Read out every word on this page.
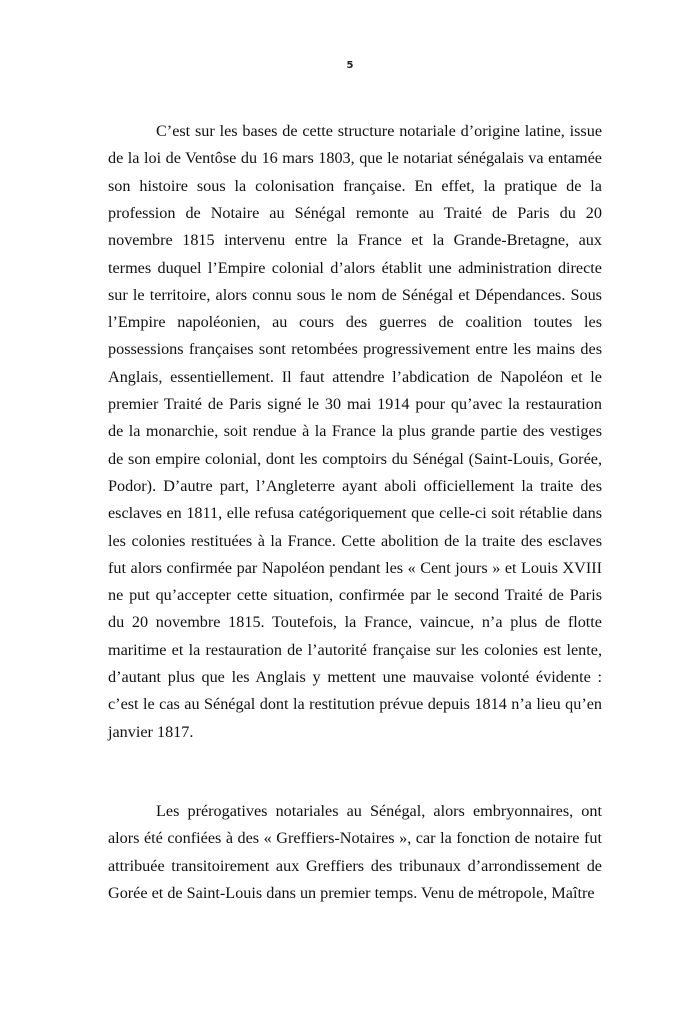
5
C’est sur les bases de cette structure notariale d’origine latine, issue
de la loi de Ventôse du 16 mars 1803, que le notariat sénégalais va entamée
son histoire sous la colonisation française. En effet, la pratique de la
profession de Notaire au Sénégal remonte au Traité de Paris du 20
novembre 1815 intervenu entre la France et la Grande-Bretagne, aux
termes duquel l’Empire colonial d’alors établit une administration directe
sur le territoire, alors connu sous le nom de Sénégal et Dépendances. Sous
l’Empire napoléonien, au cours des guerres de coalition toutes les
possessions françaises sont retombées progressivement entre les mains des
Anglais, essentiellement. Il faut attendre l’abdication de Napoléon et le
premier Traité de Paris signé le 30 mai 1914 pour qu’avec la restauration
de la monarchie, soit rendue à la France la plus grande partie des vestiges
de son empire colonial, dont les comptoirs du Sénégal (Saint-Louis, Gorée,
Podor). D’autre part, l’Angleterre ayant aboli officiellement la traite des
esclaves en 1811, elle refusa catégoriquement que celle-ci soit rétablie dans
les colonies restituées à la France. Cette abolition de la traite des esclaves
fut alors confirmée par Napoléon pendant les « Cent jours » et Louis XVIII
ne put qu’accepter cette situation, confirmée par le second Traité de Paris
du 20 novembre 1815. Toutefois, la France, vaincue, n’a plus de flotte
maritime et la restauration de l’autorité française sur les colonies est lente,
d’autant plus que les Anglais y mettent une mauvaise volonté évidente :
c’est le cas au Sénégal dont la restitution prévue depuis 1814 n’a lieu qu’en
janvier 1817.
Les prérogatives notariales au Sénégal, alors embryonnaires, ont
alors été confiées à des « Greffiers-Notaires », car la fonction de notaire fut
attribuée transitoirement aux Greffiers des tribunaux d’arrondissement de
Gorée et de Saint-Louis dans un premier temps. Venu de métropole, Maître
